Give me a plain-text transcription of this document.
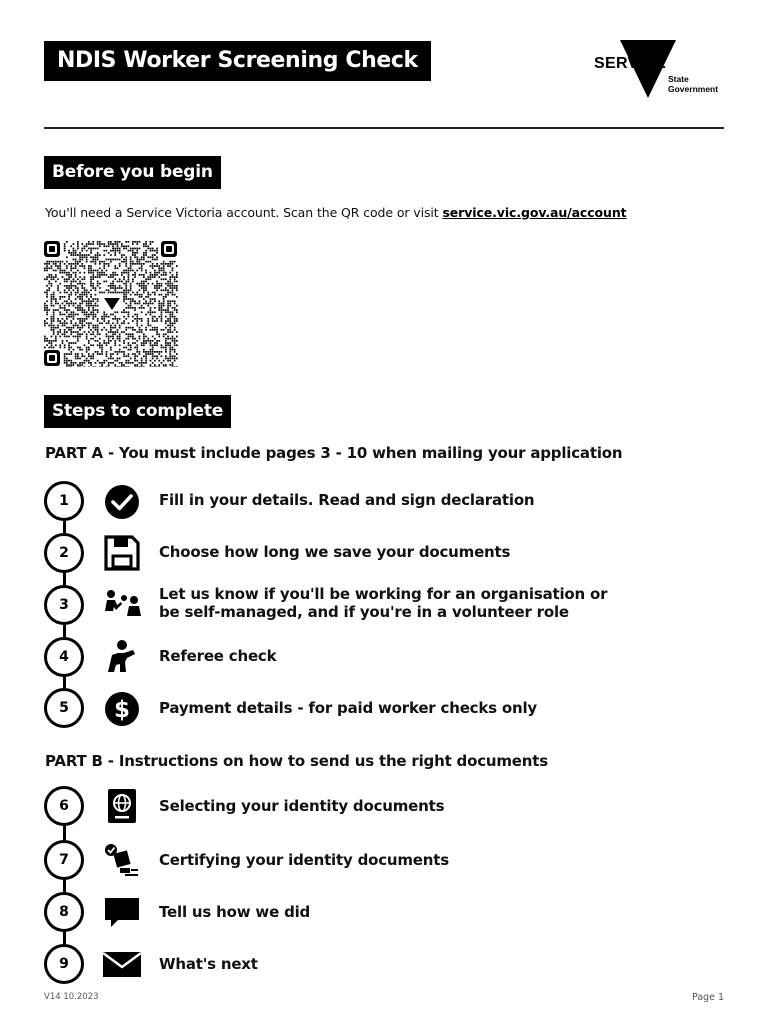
NDIS Worker Screening Check	SERVICE
State
Government
Before you begin
You'll need a Service Victoria account. Scan the QR code or visit service.vic.gov.au/account
Steps to complete
PART A - You must include pages 3 - 10 when mailing your application
1	Fill in your details. Read and sign declaration
2	Choose how long we save your documents
3
Let us know if you'll be working for an organisation or
be self-managed, and if you're in a volunteer role
4	Referee check
5	$ Payment details - for paid worker checks only
PART B - Instructions on how to send us the right documents
6	Selecting your identity documents
7	Certifying your identity documents
8	Tell us how we did
9	What's next
V14 10.2023	Page 1
